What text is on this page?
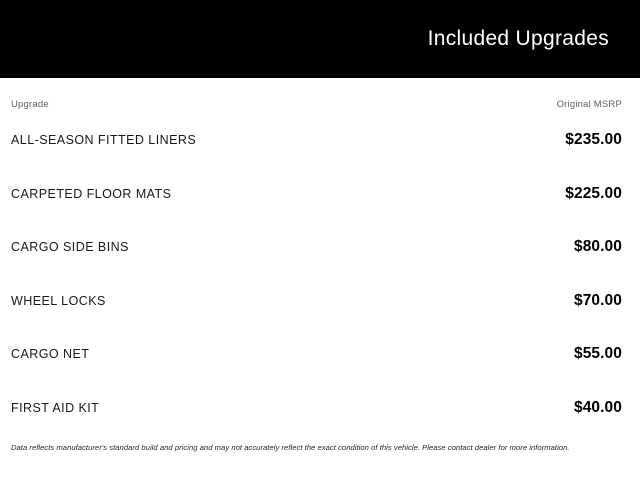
Included Upgrades
Upgrade	Original MSRP
ALL-SEASON FITTED LINERS	$235.00
CARPETED FLOOR MATS	$225.00
CARGO SIDE BINS	$80.00
WHEEL LOCKS	$70.00
CARGO NET	$55.00
FIRST AID KIT	$40.00
Data reflects manufacturer's standard build and pricing and may not accurately reflect the exact condition of this vehicle. Please contact dealer for more information.
